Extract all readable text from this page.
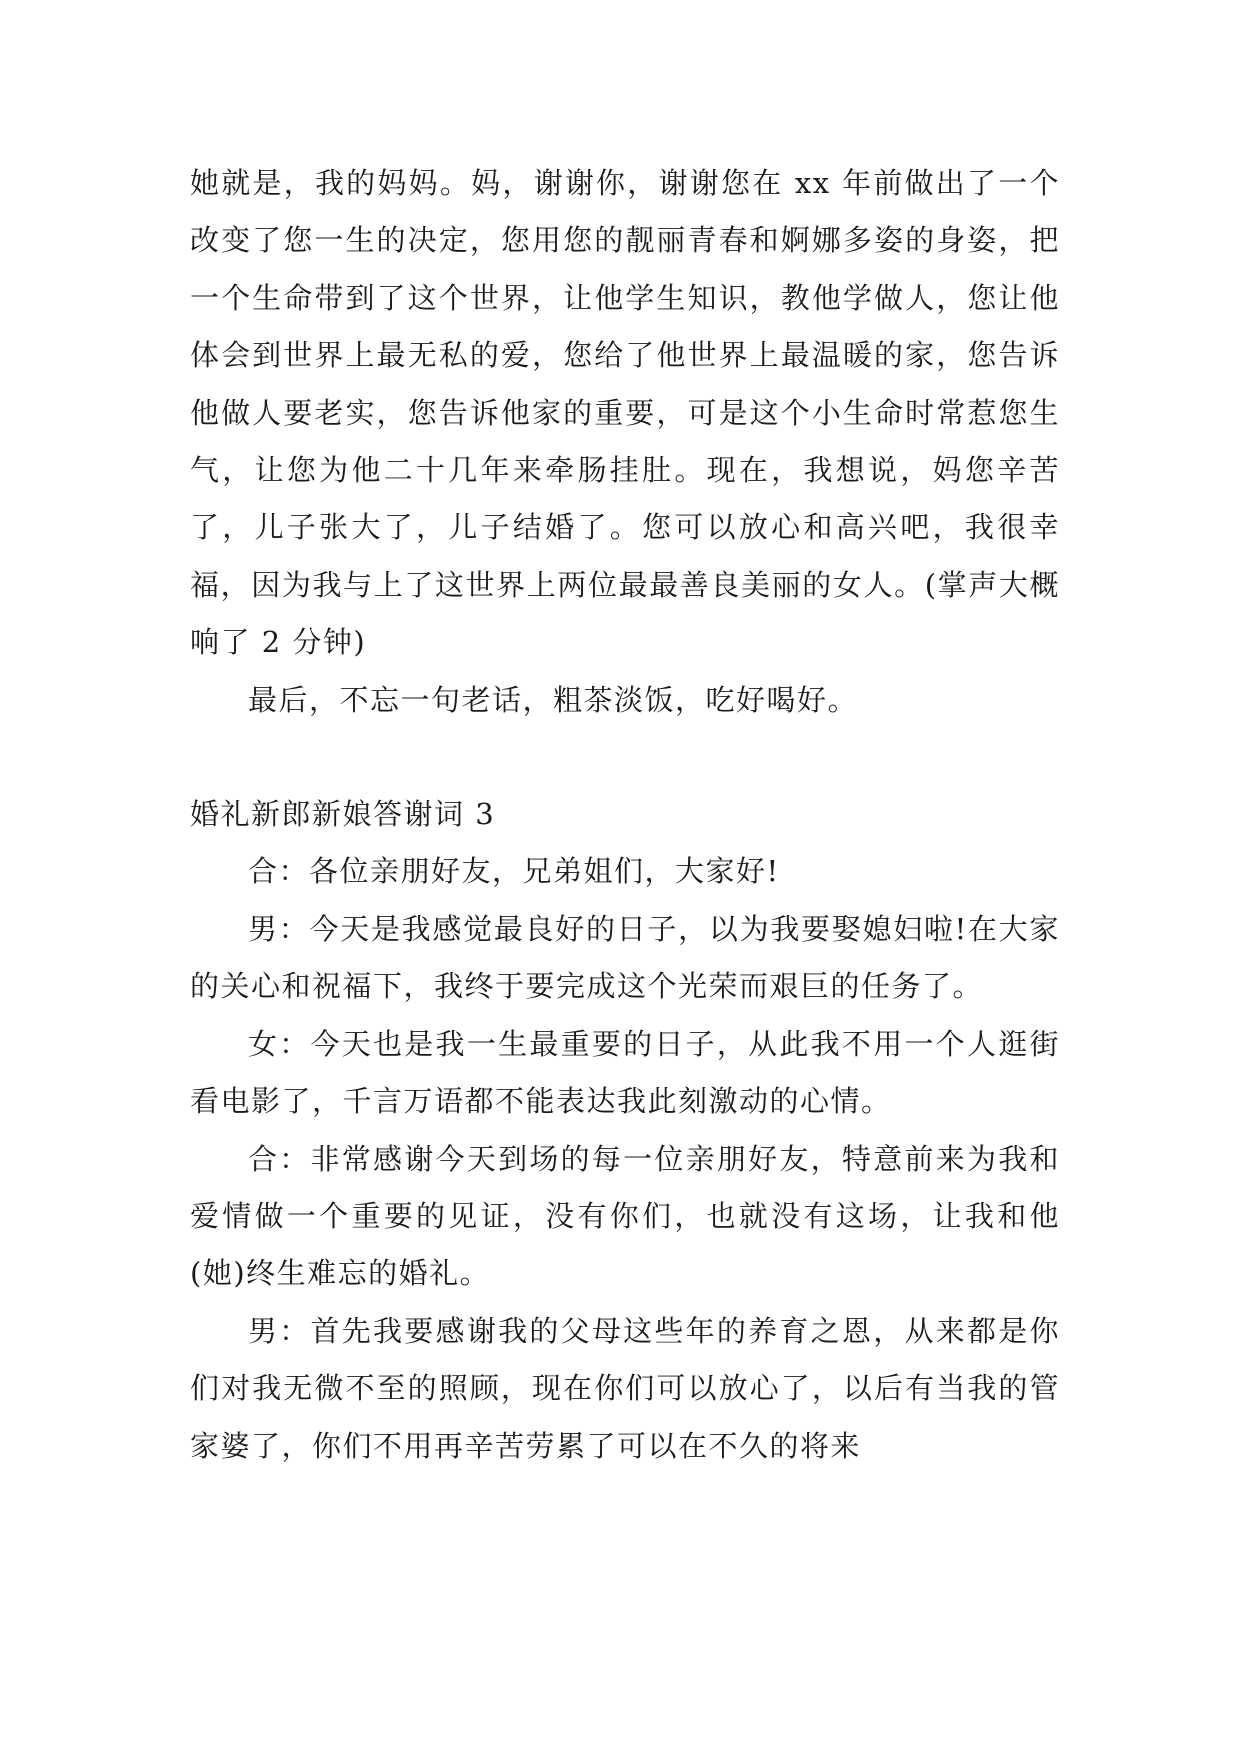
她就是，我的妈妈。妈，谢谢你，谢谢您在 xx 年前做出了一个改变了您一生的决定，您用您的靓丽青春和婀娜多姿的身姿，把一个生命带到了这个世界，让他学生知识，教他学做人，您让他体会到世界上最无私的爱，您给了他世界上最温暖的家，您告诉他做人要老实，您告诉他家的重要，可是这个小生命时常惹您生气，让您为他二十几年来牵肠挂肚。现在，我想说，妈您辛苦了，儿子张大了，儿子结婚了。您可以放心和高兴吧，我很幸福，因为我与上了这世界上两位最最善良美丽的女人。(掌声大概响了 2 分钟)

最后，不忘一句老话，粗茶淡饭，吃好喝好。

婚礼新郎新娘答谢词 3

合：各位亲朋好友，兄弟姐们，大家好!

男：今天是我感觉最良好的日子，以为我要娶媳妇啦!在大家的关心和祝福下，我终于要完成这个光荣而艰巨的任务了。

女：今天也是我一生最重要的日子，从此我不用一个人逛街看电影了，千言万语都不能表达我此刻激动的心情。

合：非常感谢今天到场的每一位亲朋好友，特意前来为我和爱情做一个重要的见证，没有你们，也就没有这场，让我和他(她)终生难忘的婚礼。

男：首先我要感谢我的父母这些年的养育之恩，从来都是你们对我无微不至的照顾，现在你们可以放心了，以后有当我的管家婆了，你们不用再辛苦劳累了可以在不久的将来
